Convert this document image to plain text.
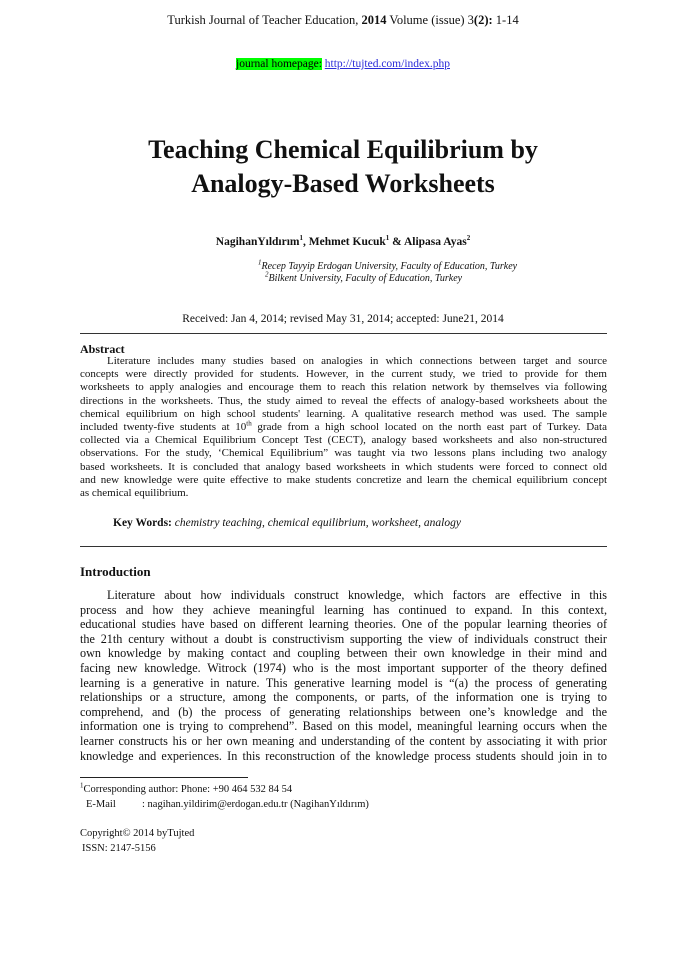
Turkish Journal of Teacher Education, 2014 Volume (issue) 3(2): 1-14
journal homepage: http://tujted.com/index.php
Teaching Chemical Equilibrium by
Analogy-Based Worksheets
NagihanYıldırım$^1$, Mehmet Kucuk$^1$ & Alipasa Ayas$^2$
$^1$Recep Tayyip Erdogan University, Faculty of Education, Turkey
$^2$Bilkent University, Faculty of Education, Turkey
Received: Jan 4, 2014; revised May 31, 2014; accepted: June21, 2014
Abstract
Literature includes many studies based on analogies in which connections between target and source
concepts were directly provided for students. However, in the current study, we tried to provide for them
worksheets to apply analogies and encourage them to reach this relation network by themselves via following
directions in the worksheets. Thus, the study aimed to reveal the effects of analogy-based worksheets about the
chemical equilibrium on high school students' learning. A qualitative research method was used. The sample
included twenty-five students at 10th grade from a high school located on the north east part of Turkey. Data
collected via a Chemical Equilibrium Concept Test (CECT), analogy based worksheets and also non-structured
observations. For the study, ‘Chemical Equilibrium” was taught via two lessons plans including two analogy
based worksheets. It is concluded that analogy based worksheets in which students were forced to connect old
and new knowledge were quite effective to make students concretize and learn the chemical equilibrium concept
as chemical equilibrium.
Key Words: chemistry teaching, chemical equilibrium, worksheet, analogy
Introduction
Literature about how individuals construct knowledge, which factors are effective in this
process and how they achieve meaningful learning has continued to expand. In this context,
educational studies have based on different learning theories. One of the popular learning theories of
the 21th century without a doubt is constructivism supporting the view of individuals construct their
own knowledge by making contact and coupling between their own knowledge in their mind and
facing new knowledge. Witrock (1974) who is the most important supporter of the theory defined
learning is a generative in nature. This generative learning model is “(a) the process of generating
relationships or a structure, among the components, or parts, of the information one is trying to
comprehend, and (b) the process of generating relationships between one’s knowledge and the
information one is trying to comprehend”. Based on this model, meaningful learning occurs when the
learner constructs his or her own meaning and understanding of the content by associating it with prior
knowledge and experiences. In this reconstruction of the knowledge process students should join in to
$^1$Corresponding author: Phone: +90 464 532 84 54
E-Mail          : nagihan.yildirim@erdogan.edu.tr (NagihanYıldırım)
Copyright© 2014 byTujted
ISSN: 2147-5156
